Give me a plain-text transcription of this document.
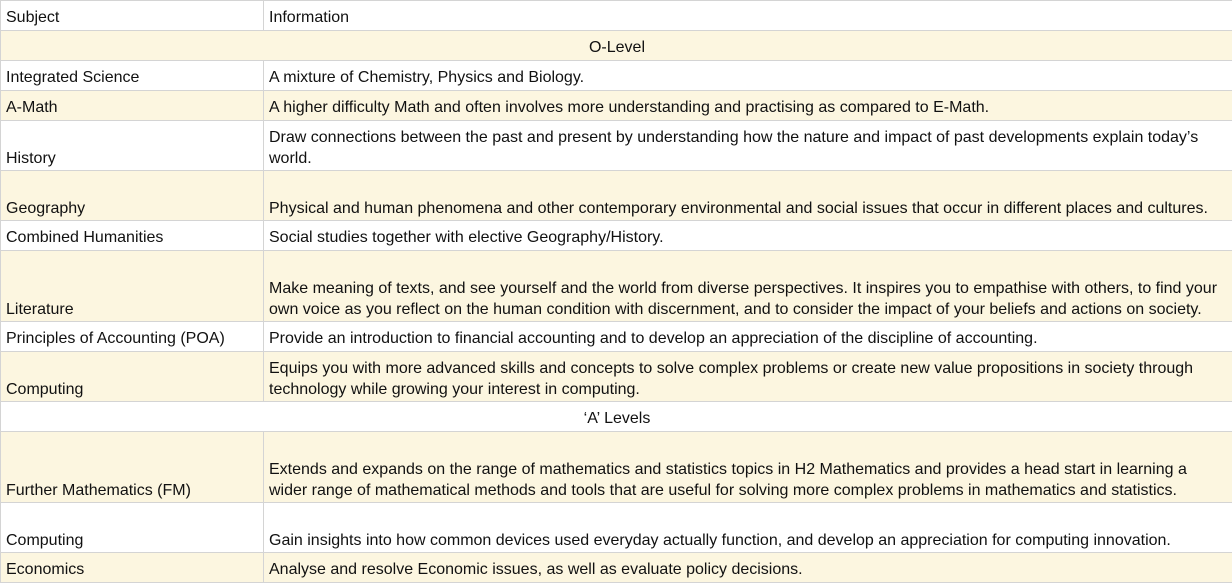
Subject	Information
O-Level	
Integrated Science	A mixture of Chemistry, Physics and Biology.
A-Math	A higher difficulty Math and often involves more understanding and practising as compared to E-Math.
History	Draw connections between the past and present by understanding how the nature and impact of past developments explain today’s world.
Geography	Physical and human phenomena and other contemporary environmental and social issues that occur in different places and cultures.
Combined Humanities	Social studies together with elective Geography/History.
Literature	Make meaning of texts, and see yourself and the world from diverse perspectives. It inspires you to empathise with others, to find your own voice as you reflect on the human condition with discernment, and to consider the impact of your beliefs and actions on society.
Principles of Accounting (POA)	Provide an introduction to financial accounting and to develop an appreciation of the discipline of accounting.
Computing	Equips you with more advanced skills and concepts to solve complex problems or create new value propositions in society through technology while growing your interest in computing.
‘A’ Levels	
Further Mathematics (FM)	Extends and expands on the range of mathematics and statistics topics in H2 Mathematics and provides a head start in learning a wider range of mathematical methods and tools that are useful for solving more complex problems in mathematics and statistics.
Computing	Gain insights into how common devices used everyday actually function, and develop an appreciation for computing innovation.
Economics	Analyse and resolve Economic issues, as well as evaluate policy decisions.
